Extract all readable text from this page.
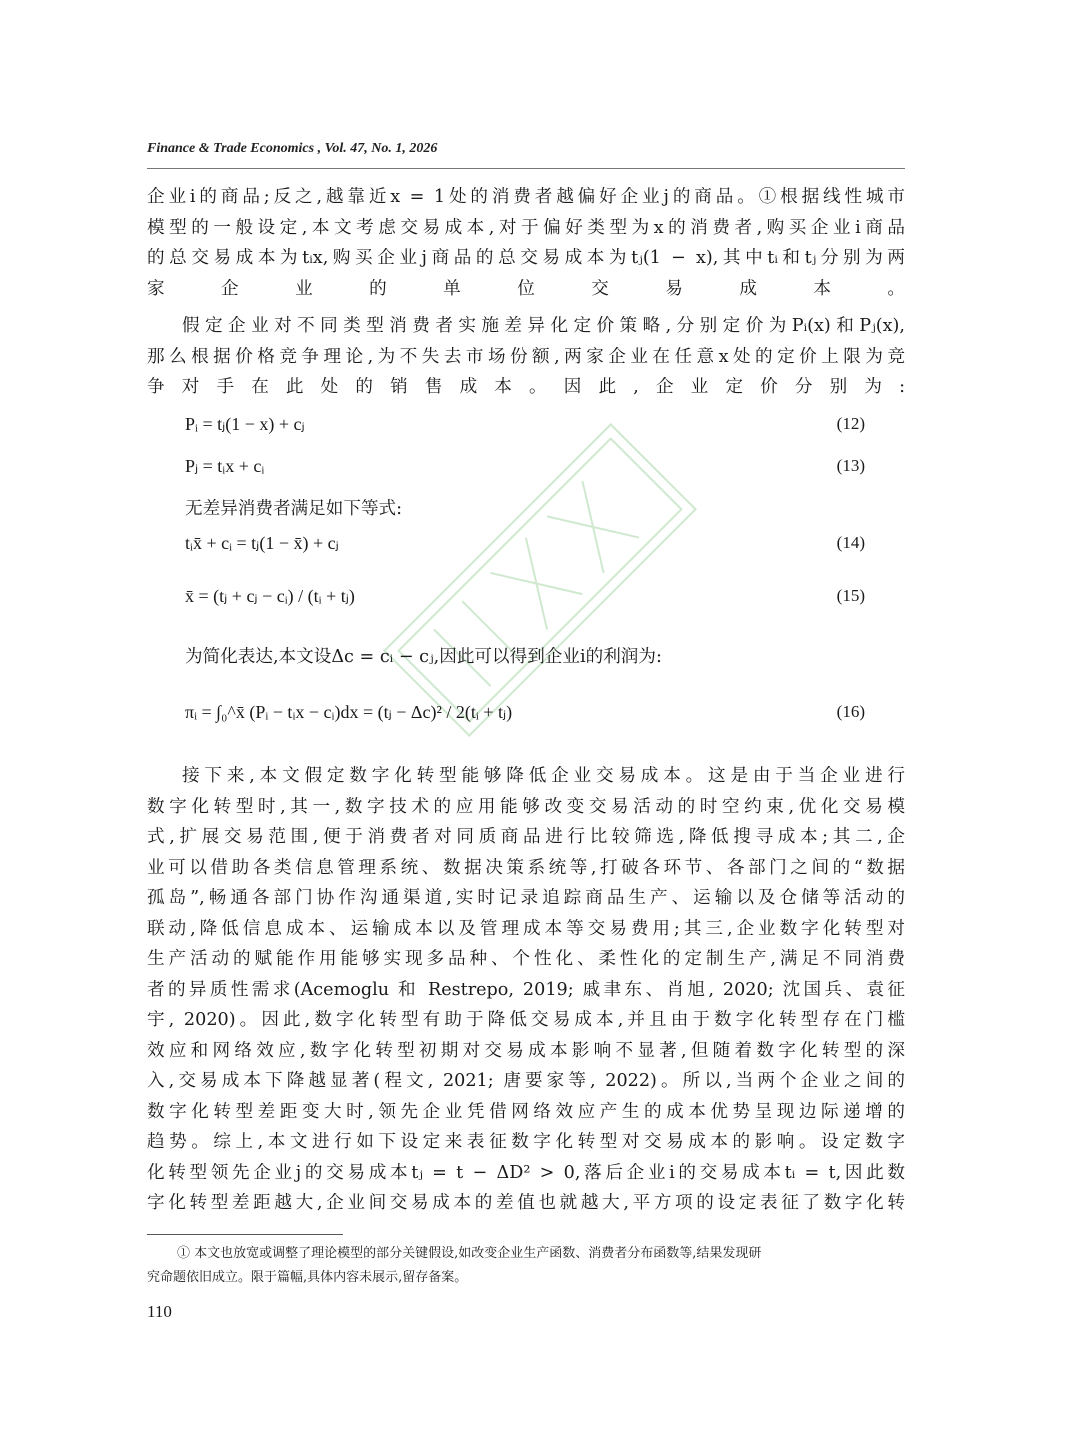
Finance & Trade Economics , Vol. 47, No. 1, 2026
企业i的商品;反之,越靠近x = 1处的消费者越偏好企业j的商品。①根据线性城市
模型的一般设定,本文考虑交易成本,对于偏好类型为x的消费者,购买企业i商品
的总交易成本为tᵢx,购买企业j商品的总交易成本为tⱼ(1 − x),其中tᵢ和tⱼ分别为两
家企业的单位交易成本。
假定企业对不同类型消费者实施差异化定价策略,分别定价为Pᵢ(x)和Pⱼ(x),
那么根据价格竞争理论,为不失去市场份额,两家企业在任意x处的定价上限为竞
争对手在此处的销售成本。因此,企业定价分别为:
Pᵢ = tⱼ(1 − x) + cⱼ	(12)
Pⱼ = tᵢx + cᵢ	(13)
无差异消费者满足如下等式:
tᵢx̄ + cᵢ = tⱼ(1 − x̄) + cⱼ	(14)
x̄ = (tⱼ + cⱼ − cᵢ) / (tᵢ + tⱼ)	(15)
为简化表达,本文设Δc = cᵢ − cⱼ,因此可以得到企业i的利润为:
πᵢ = ∫₀^x̄ (Pᵢ − tᵢx − cᵢ)dx = (tⱼ − Δc)² / 2(tᵢ + tⱼ)	(16)
接下来,本文假定数字化转型能够降低企业交易成本。这是由于当企业进行
数字化转型时,其一,数字技术的应用能够改变交易活动的时空约束,优化交易模
式,扩展交易范围,便于消费者对同质商品进行比较筛选,降低搜寻成本;其二,企
业可以借助各类信息管理系统、数据决策系统等,打破各环节、各部门之间的“数据
孤岛”,畅通各部门协作沟通渠道,实时记录追踪商品生产、运输以及仓储等活动的
联动,降低信息成本、运输成本以及管理成本等交易费用;其三,企业数字化转型对
生产活动的赋能作用能够实现多品种、个性化、柔性化的定制生产,满足不同消费
者的异质性需求(Acemoglu 和 Restrepo, 2019; 戚聿东、肖旭, 2020; 沈国兵、袁征
宇, 2020)。因此,数字化转型有助于降低交易成本,并且由于数字化转型存在门槛
效应和网络效应,数字化转型初期对交易成本影响不显著,但随着数字化转型的深
入,交易成本下降越显著(程文, 2021; 唐要家等, 2022)。所以,当两个企业之间的
数字化转型差距变大时,领先企业凭借网络效应产生的成本优势呈现边际递增的
趋势。综上,本文进行如下设定来表征数字化转型对交易成本的影响。设定数字
化转型领先企业j的交易成本tⱼ = t − ΔD² > 0,落后企业i的交易成本tᵢ = t,因此数
字化转型差距越大,企业间交易成本的差值也就越大,平方项的设定表征了数字化转
① 本文也放宽或调整了理论模型的部分关键假设,如改变企业生产函数、消费者分布函数等,结果发现研
究命题依旧成立。限于篇幅,具体内容未展示,留存备案。
110
